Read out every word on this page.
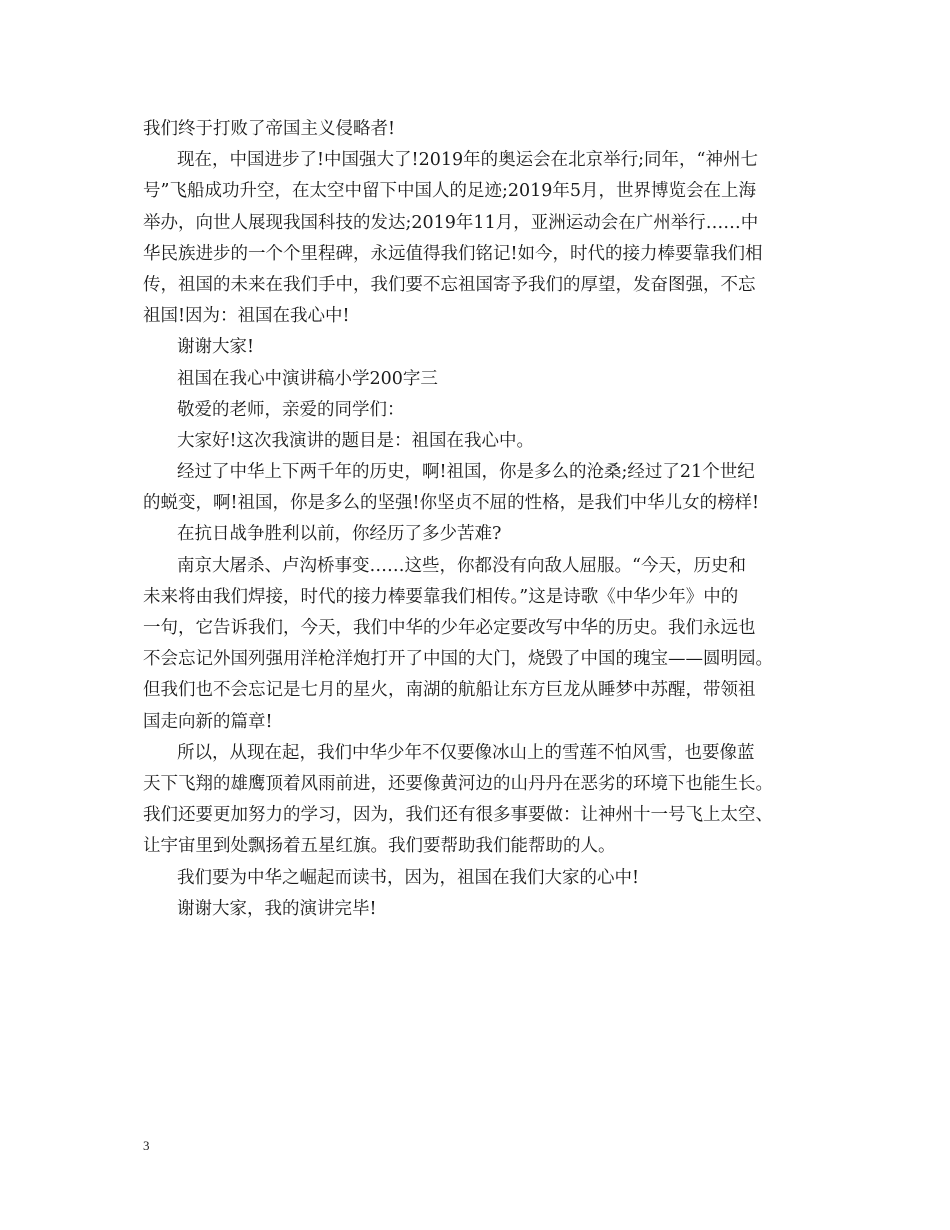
我们终于打败了帝国主义侵略者!
现在，中国进步了!中国强大了!2019年的奥运会在北京举行;同年，“神州七
号”飞船成功升空，在太空中留下中国人的足迹;2019年5月，世界博览会在上海
举办，向世人展现我国科技的发达;2019年11月，亚洲运动会在广州举行……中
华民族进步的一个个里程碑，永远值得我们铭记!如今，时代的接力棒要靠我们相
传，祖国的未来在我们手中，我们要不忘祖国寄予我们的厚望，发奋图强，不忘
祖国!因为：祖国在我心中!
谢谢大家!
祖国在我心中演讲稿小学200字三
敬爱的老师，亲爱的同学们：
大家好!这次我演讲的题目是：祖国在我心中。
经过了中华上下两千年的历史，啊!祖国，你是多么的沧桑;经过了21个世纪
的蜕变，啊!祖国，你是多么的坚强!你坚贞不屈的性格，是我们中华儿女的榜样!
在抗日战争胜利以前，你经历了多少苦难?
南京大屠杀、卢沟桥事变……这些，你都没有向敌人屈服。“今天，历史和
未来将由我们焊接，时代的接力棒要靠我们相传。”这是诗歌《中华少年》中的
一句，它告诉我们，今天，我们中华的少年必定要改写中华的历史。我们永远也
不会忘记外国列强用洋枪洋炮打开了中国的大门，烧毁了中国的瑰宝——圆明园。
但我们也不会忘记是七月的星火，南湖的航船让东方巨龙从睡梦中苏醒，带领祖
国走向新的篇章!
所以，从现在起，我们中华少年不仅要像冰山上的雪莲不怕风雪，也要像蓝
天下飞翔的雄鹰顶着风雨前进，还要像黄河边的山丹丹在恶劣的环境下也能生长。
我们还要更加努力的学习，因为，我们还有很多事要做：让神州十一号飞上太空、
让宇宙里到处飘扬着五星红旗。我们要帮助我们能帮助的人。
我们要为中华之崛起而读书，因为，祖国在我们大家的心中!
谢谢大家，我的演讲完毕!
3
